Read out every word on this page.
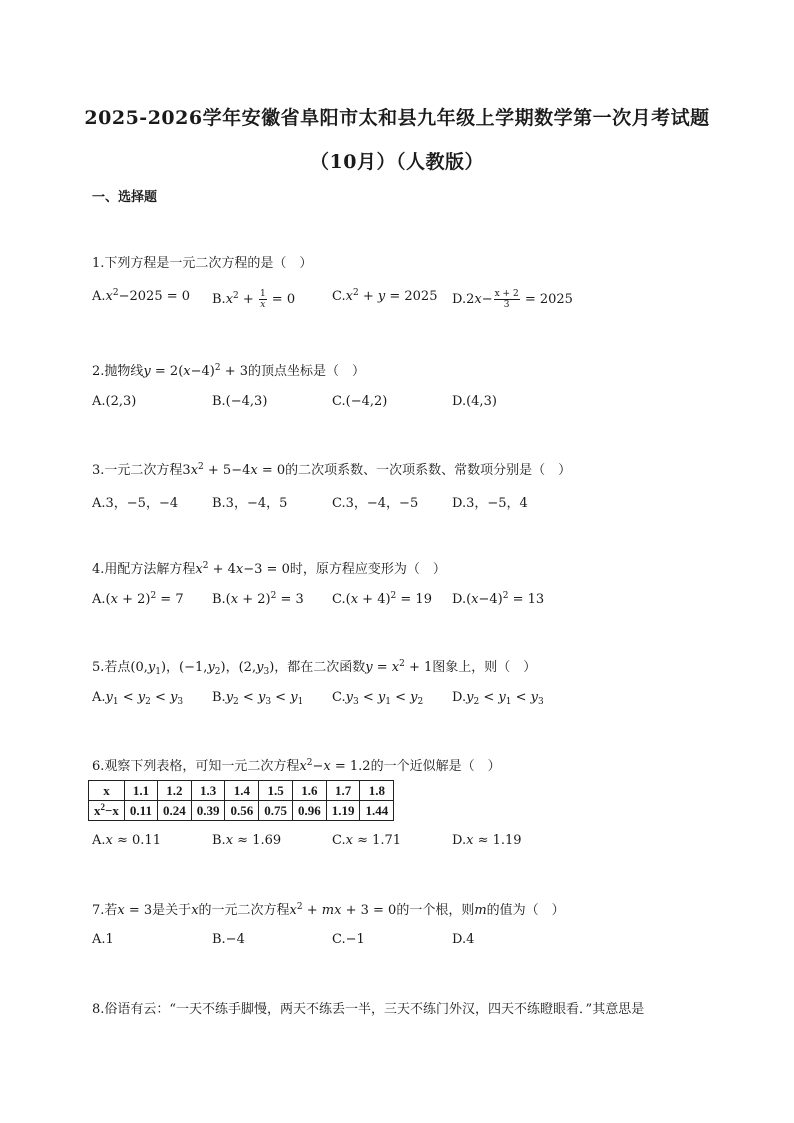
2025-2026学年安徽省阜阳市太和县九年级上学期数学第一次月考试题
（10月）（人教版）
一、选择题
1.下列方程是一元二次方程的是（　）
$A.x^2-2025 = 0$ $B.x^2 + \frac{1}{x} = 0$	$C.x^2 + y = 2025$ $D.2x- \frac{x + 2}{3} = 2025$
2.抛物线$y = 2(x-4)^2 + 3$的顶点坐标是（　）
A.(2,3)	B.(−4,3)	C.(−4,2)	D.(4,3)
3.一元二次方程$3x^2 + 5-4x = 0$的二次项系数、一次项系数、常数项分别是（　）
A.3，−5，−4	B.3，−4，5	C.3，−4，−5	D.3，−5，4
4.用配方法解方程$x^2 + 4x-3 = 0$时，原方程应变形为（　）
$A.(x + 2)^2 = 7$ $B.(x + 2)^2 = 3$ $C.(x + 4)^2 = 19$ $D.(x-4)^2 = 13$
5.若点$(0,y_1)$，$(-1,y_2)$，$(2,y_3)$，都在二次函数$y = x^2 + 1$图象上，则（　）
$A.y_1 < y_2 < y_3$ $B.y_2 < y_3 < y_1$ $C.y_3 < y_1 < y_2$ $D.y_2 < y_1 < y_3$
6.观察下列表格，可知一元二次方程$x^2-x = 1.2$的一个近似解是（　）
x	1.1	1.2	1.3	1.4	1.5	1.6	1.7	1.8
$x^2-x$	0.11	0.24	0.39	0.56	0.75	0.96	1.19	1.44
A.x ≈ 0.11	B.x ≈ 1.69	C.x ≈ 1.71	D.x ≈ 1.19
7.若x = 3是关于x的一元二次方程$x^2$ + mx + 3 = 0的一个根，则m的值为（　）
A.1	B.−4	C.−1	D.4
8.俗语有云：“一天不练手脚慢，两天不练丢一半，三天不练门外汉，四天不练瞪眼看．”其意思是
